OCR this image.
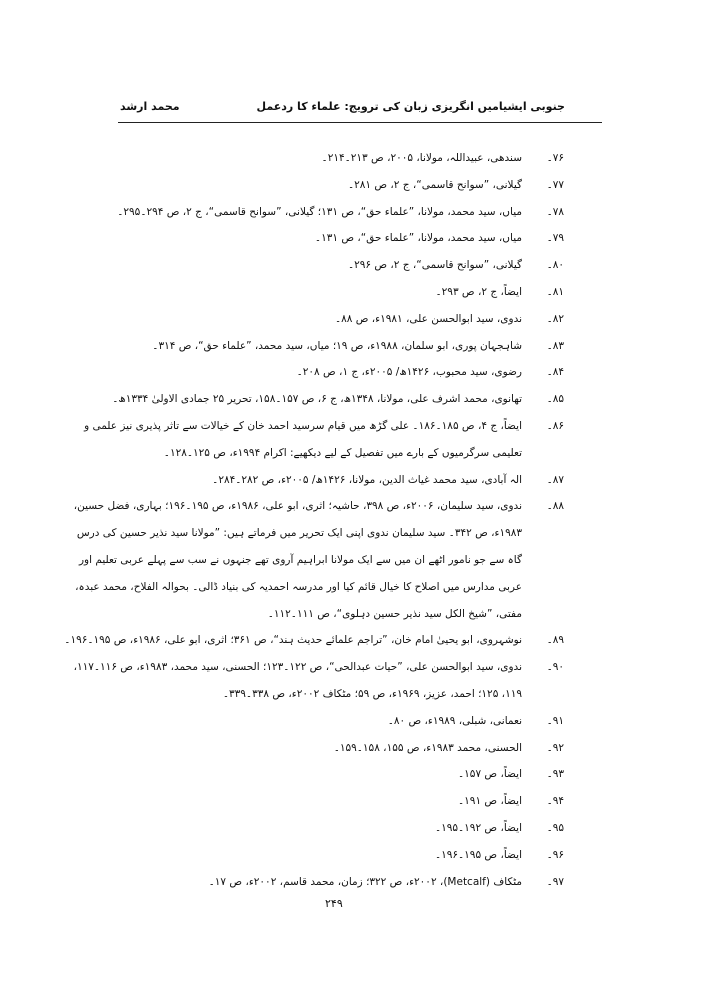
جنوبی ایشیامیں انگریزی زبان کی ترویج: علماء کا ردعمل
محمد ارشد
۷۶۔
سندھی، عبیداللہ، مولانا، ۲۰۰۵، ص ۲۱۳۔۲۱۴۔
۷۷۔
گیلانی، ”سوانح قاسمی“، ج ۲، ص ۲۸۱۔
۷۸۔
میاں، سید محمد، مولانا، ”علماء حق“، ص ۱۳۱؛ گیلانی، ”سوانح قاسمی“، ج ۲، ص ۲۹۴۔۲۹۵۔
۷۹۔
میاں، سید محمد، مولانا، ”علماء حق“، ص ۱۳۱۔
۸۰۔
گیلانی، ”سوانح قاسمی“، ج ۲، ص ۲۹۶۔
۸۱۔
ایضاً، ج ۲، ص ۲۹۳۔
۸۲۔
ندوی، سید ابوالحسن علی، ۱۹۸۱ء، ص ۸۸۔
۸۳۔
شاہجہان پوری، ابو سلمان، ۱۹۸۸ء، ص ۱۹؛ میاں، سید محمد، ”علماء حق“، ص ۳۱۴۔
۸۴۔
رضوی، سید محبوب، ۱۴۲۶ھ/ ۲۰۰۵ء، ج ۱، ص ۲۰۸۔
۸۵۔
تھانوی، محمد اشرف علی، مولانا، ۱۳۴۸ھ، ج ۶، ص ۱۵۷۔۱۵۸، تحریر ۲۵ جمادی الاولیٰ ۱۳۳۴ھ۔
۸۶۔
ایضاً، ج ۴، ص ۱۸۵۔۱۸۶۔ علی گڑھ میں قیام سرسید احمد خان کے خیالات سے تاثر پذیری نیز علمی و تعلیمی سرگرمیوں کے بارے میں تفصیل کے لیے دیکھیے: اکرام ۱۹۹۴ء، ص ۱۲۵۔۱۲۸۔
۸۷۔
الہ آبادی، سید محمد غیاث الدین، مولانا، ۱۴۲۶ھ/ ۲۰۰۵ء، ص ۲۸۲۔۲۸۴۔
۸۸۔
ندوی، سید سلیمان، ۲۰۰۶ء، ص ۳۹۸، حاشیہ؛ اثری، ابو علی، ۱۹۸۶ء، ص ۱۹۵۔۱۹۶؛ بہاری، فضل حسین، ۱۹۸۳ء، ص ۳۴۲۔ سید سلیمان ندوی اپنی ایک تحریر میں فرماتے ہیں: ”مولانا سید نذیر حسین کی درس گاہ سے جو نامور اٹھے ان میں سے ایک مولانا ابراہیم آروی تھے جنہوں نے سب سے پہلے عربی تعلیم اور عربی مدارس میں اصلاح کا خیال قائم کیا اور مدرسہ احمدیہ کی بنیاد ڈالی۔ بحوالہ الفلاح، محمد عبدہ، مفتی، ”شیخ الکل سید نذیر حسین دہلوی“، ص ۱۱۱۔۱۱۲۔
۸۹۔
نوشہروی، ابو یحییٰ امام خان، ”تراجم علمائے حدیث ہند“، ص ۳۶۱؛ اثری، ابو علی، ۱۹۸۶ء، ص ۱۹۵۔۱۹۶۔
۹۰۔
ندوی، سید ابوالحسن علی، ”حیات عبدالحی“، ص ۱۲۲۔۱۲۳؛ الحسنی، سید محمد، ۱۹۸۳ء، ص ۱۱۶۔۱۱۷، ۱۱۹، ۱۲۵؛ احمد، عزیز، ۱۹۶۹ء، ص ۵۹؛ مٹکاف ۲۰۰۲ء، ص ۳۳۸۔۳۳۹۔
۹۱۔
نعمانی، شبلی، ۱۹۸۹ء، ص ۸۰۔
۹۲۔
الحسنی، محمد ۱۹۸۳ء، ص ۱۵۵، ۱۵۸۔۱۵۹۔
۹۳۔
ایضاً، ص ۱۵۷۔
۹۴۔
ایضاً، ص ۱۹۱۔
۹۵۔
ایضاً، ص ۱۹۲۔۱۹۵۔
۹۶۔
ایضاً، ص ۱۹۵۔۱۹۶۔
۹۷۔
مٹکاف (Metcalf)، ۲۰۰۲ء، ص ۳۲۲؛ زمان، محمد قاسم، ۲۰۰۲ء، ص ۱۷۔
۲۴۹
